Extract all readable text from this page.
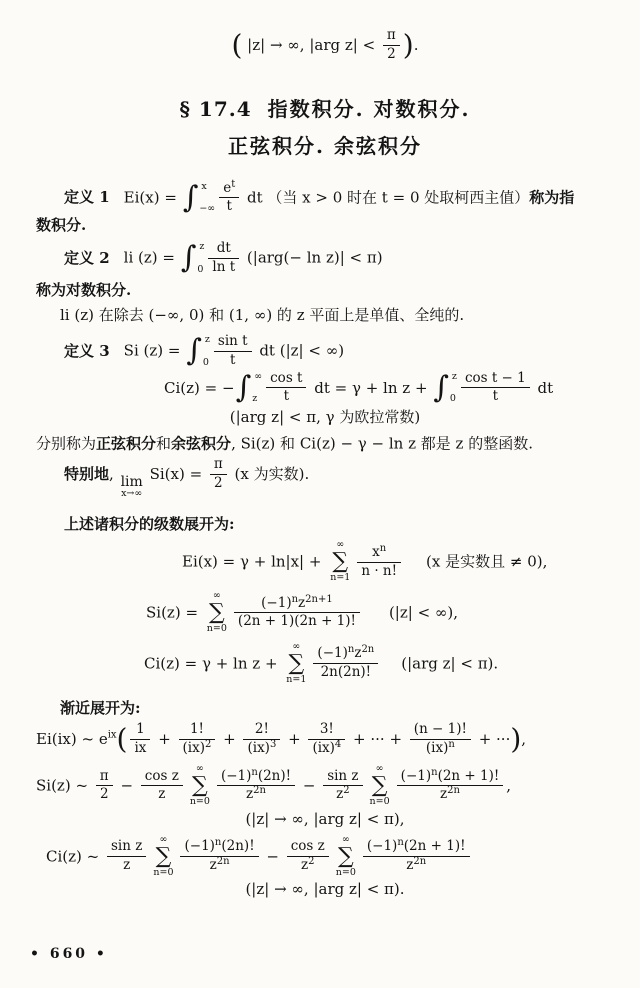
( |z| → ∞, |arg $z| < \frac{\pi}{2}$ ).
§ 17.4 指数积分. 对数积分.
正弦积分. 余弦积分
定义 1 Ei(x) = ∫ x
−∞ $\frac{e^t}{t}$ dt （当 x > 0 时在 t = 0 处取柯西主值）称为指
数积分.
定义 2 li (z) = ∫ z
$0 \frac{dt}{\text{ln t}} (|arg(- \ln z)| < \pi)$
称为对数积分.
li (z) 在除去 (−∞, 0) 和 (1, ∞) 的 z 平面上是单值、全纯的.
定义 3 Si (z) = ∫ z
$0 \frac{\text{sin t}}{t}$ dt (|z| < ∞)
Ci(z) = − ∫ ∞
z $\frac{\text{cos t}}{t}$ dt = γ + ln z + ∫ z
$0 \frac{\text{cos t − 1}}{t}$ dt
(|arg z| < π, γ 为欧拉常数)
分别称为正弦积分和余弦积分, Si(z) 和 Ci(z) − γ − ln z 都是 z 的整函数.
特别地, lim
x→∞
$Si(x) = \frac{\pi}{2} (x$ 为实数).
上述诸积分的级数展开为:
Ei(x) = γ + ln|x| +
∞
∑
$n=1 \frac{x^n}{n \cdot n!} (x$ 是实数且 ≠ 0),
Si(z) =
∞
∑
$n=0 \frac{(-1)^nz^{2n+1}}{(2n + 1)(2n + 1)!} (|z|$ < ∞),
Ci(z) = γ + ln z +
∞
∑
$n=1 \frac{(-1)^nz^{2n}}{2n(2n)!} (|arg$ z| < π).
渐近展开为:
Ei(ix) ~ $e^{ix}( \frac{1}{ix} + \frac{1!}{(ix)^2} + \frac{2!}{(ix)^3} + \frac{3!}{(ix)^4}$ + ··· + $\frac{(n - 1)!}{(ix)^n}$ + ···),
Si(z) ~ $\frac{\pi}{2} - \frac{\text{cos z}}{z}$
∞
∑
$n=0 \frac{(-1)^n(2n)!}{z^{2n}} - \frac{\text{sin z}}{z^2}$
∞
∑
$n=0 \frac{(-1)^n(2n + 1)!}{z^{2n}}$ ,
(|z| → ∞, |arg z| < π),
Ci(z) ~ $\frac{\text{sin z}}{z}$
∞
∑
$n=0 \frac{(-1)^n(2n)!}{z^{2n}} - \frac{\text{cos z}}{z^2}$
∞
∑
$n=0 \frac{(-1)^n(2n + 1)!}{z^{2n}}$
(|z| → ∞, |arg z| < π).
• 660 •
